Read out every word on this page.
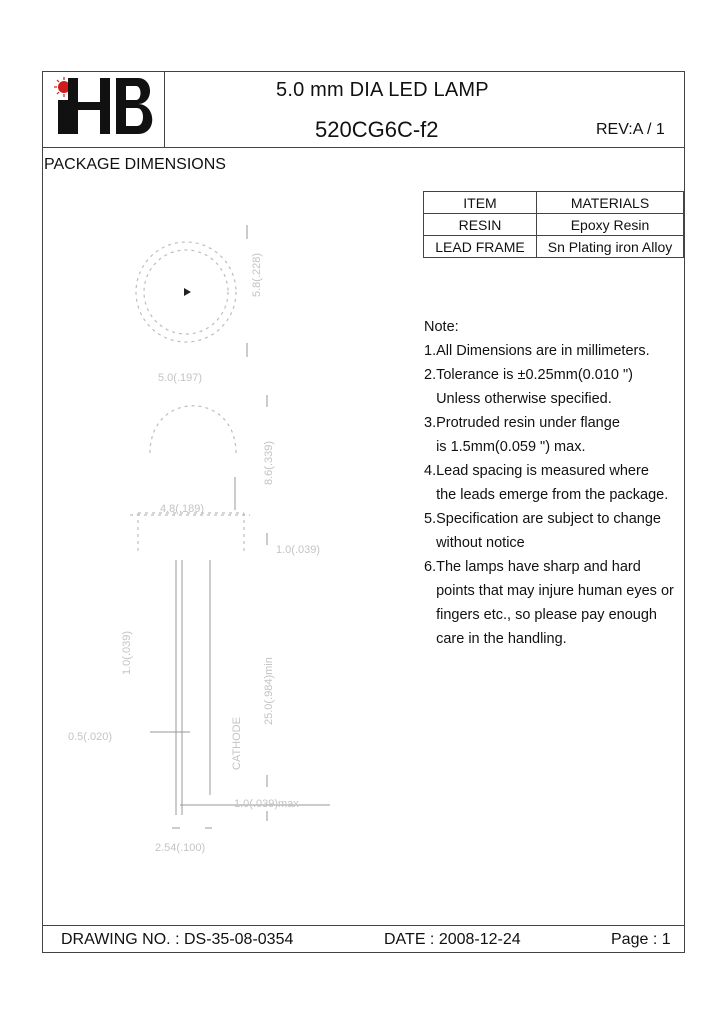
HB
5.0 mm DIA LED LAMP
520CG6C-f2	REV:A / 1
PACKAGE DIMENSIONS
ITEM	MATERIALS
RESIN	Epoxy Resin
LEAD FRAME	Sn Plating iron Alloy
Note:
1.All Dimensions are in millimeters.
2.Tolerance is ±0.25mm(0.010 ")
Unless otherwise specified.
3.Protruded resin under flange
is 1.5mm(0.059 ") max.
4.Lead spacing is measured where
the leads emerge from the package.
5.Specification are subject to change
without notice
6.The lamps have sharp and hard
points that may injure human eyes or
fingers etc., so please pay enough
care in the handling.
5.0(.197)
4.8(.189)
1.0(.039)
0.5(.020)
2.54(.100)
1.0(.039)max
5.8(.228)
8.6(.339)
1.0(.039)
25.0(.984)min
CATHODE
DRAWING NO. : DS-35-08-0354	DATE : 2008-12-24	Page : 1
